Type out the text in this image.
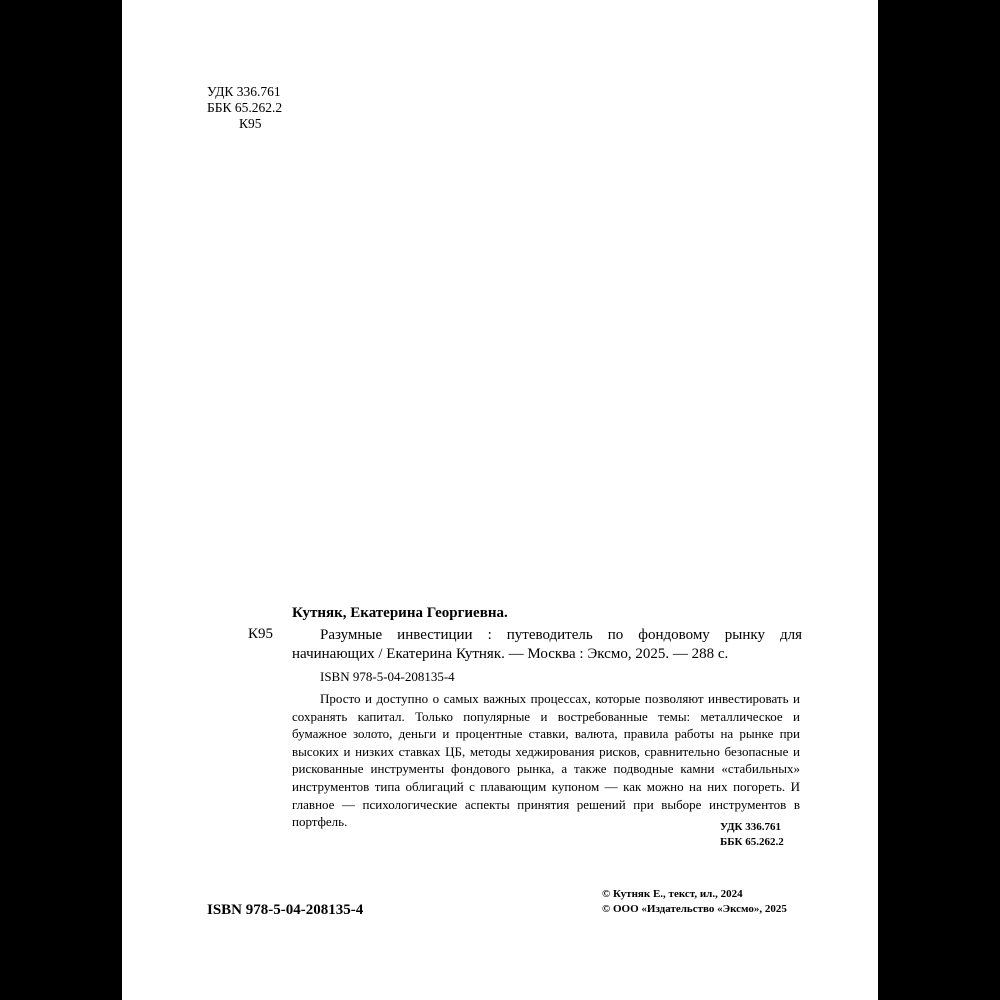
УДК 336.761
ББК 65.262.2
К95
Кутняк, Екатерина Георгиевна.
К95	Разумные инвестиции : путеводитель по фондовому рынку для начинающих / Екатерина Кутняк. — Москва : Эксмо, 2025. — 288 с.
ISBN 978-5-04-208135-4
Просто и доступно о самых важных процессах, которые позволяют инвестировать и сохранять капитал. Только популярные и востребованные темы: металлическое и бумажное золото, деньги и процентные ставки, валюта, правила работы на рынке при высоких и низких ставках ЦБ, методы хеджирования рисков, сравнительно безопасные и рискованные инструменты фондового рынка, а также подводные камни «стабильных» инструментов типа облигаций с плавающим купоном — как можно на них погореть. И главное — психологические аспекты принятия решений при выборе инструментов в портфель.	УДК 336.761
ББК 65.262.2
ISBN 978-5-04-208135-4
© Кутняк Е., текст, ил., 2024
© ООО «Издательство «Эксмо», 2025
